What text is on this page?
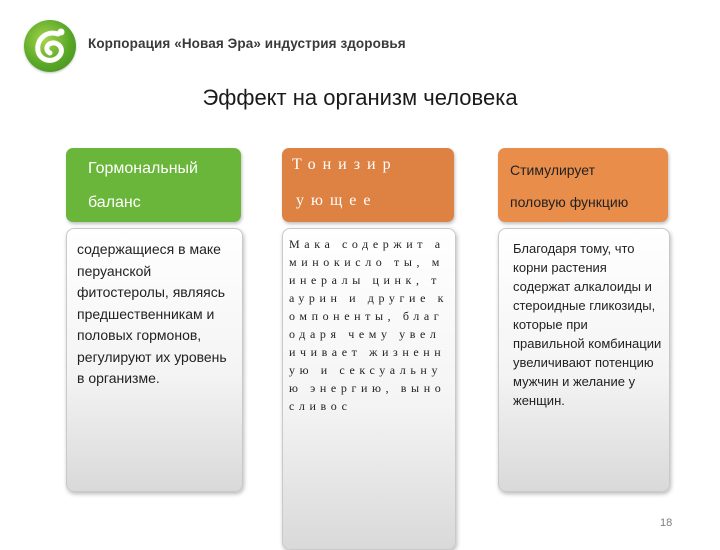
Корпорация «Новая Эра» индустрия здоровья
Эффект на организм человека
Гормональный
баланс
содержащиеся в маке перуанской фитостеролы, являясь предшественникам и половых гормонов, регулируют их уровень в организме.
Тонизир
ующее
Мака содержит аминокисло ты, минералы цинк, таурин и другие компоненты, благодаря чему увеличивает жизненную и сексуальную энергию, выносливос
Стимулирует
половую функцию
Благодаря тому, что корни растения содержат алкалоиды и стероидные гликозиды, которые при правильной комбинации увеличивают потенцию мужчин и желание у женщин.
18
